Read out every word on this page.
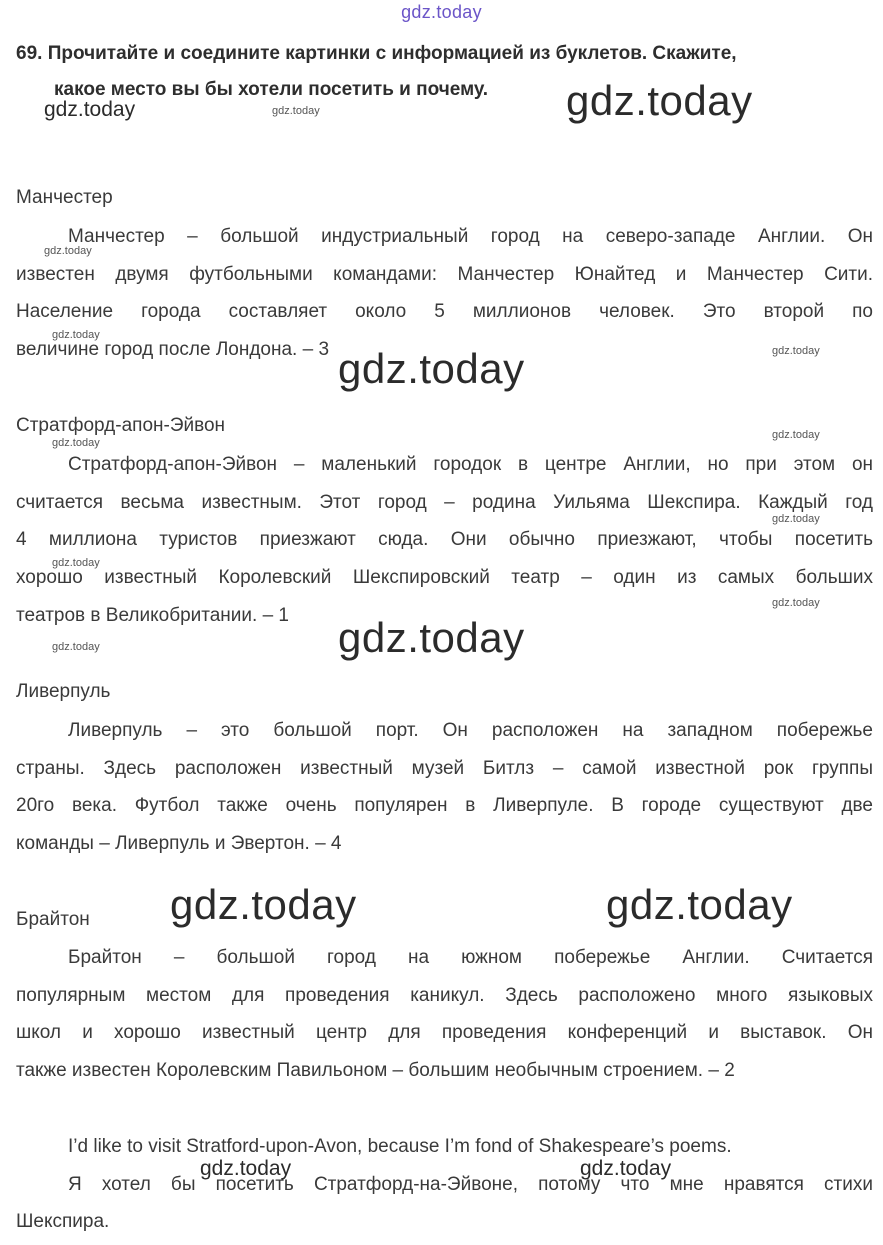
gdz.today
69. Прочитайте и соедините картинки с информацией из буклетов. Скажите,
какое место вы бы хотели посетить и почему.
Манчестер
Манчестер – большой индустриальный город на северо-западе Англии. Он
известен двумя футбольными командами: Манчестер Юнайтед и Манчестер Сити.
Население города составляет около 5 миллионов человек. Это второй по
величине город после Лондона. – 3
Стратфорд-апон-Эйвон
Стратфорд-апон-Эйвон – маленький городок в центре Англии, но при этом он
считается весьма известным. Этот город – родина Уильяма Шекспира. Каждый год
4 миллиона туристов приезжают сюда. Они обычно приезжают, чтобы посетить
хорошо известный Королевский Шекспировский театр – один из самых больших
театров в Великобритании. – 1
Ливерпуль
Ливерпуль – это большой порт. Он расположен на западном побережье
страны. Здесь расположен известный музей Битлз – самой известной рок группы
20го века. Футбол также очень популярен в Ливерпуле. В городе существуют две
команды – Ливерпуль и Эвертон. – 4
Брайтон
Брайтон – большой город на южном побережье Англии. Считается
популярным местом для проведения каникул. Здесь расположено много языковых
школ и хорошо известный центр для проведения конференций и выставок. Он
также известен Королевским Павильоном – большим необычным строением. – 2
I’d like to visit Stratford-upon-Avon, because I’m fond of Shakespeare’s poems.
Я хотел бы посетить Стратфорд-на-Эйвоне, потому что мне нравятся стихи
Шекспира.
gdz.today
gdz.today	gdz.today
gdz.today
gdz.today
gdz.today
gdz.today
gdz.today
gdz.today
gdz.today
gdz.today
gdz.today
gdz.today
gdz.today
gdz.today	gdz.today
gdz.today	gdz.today
